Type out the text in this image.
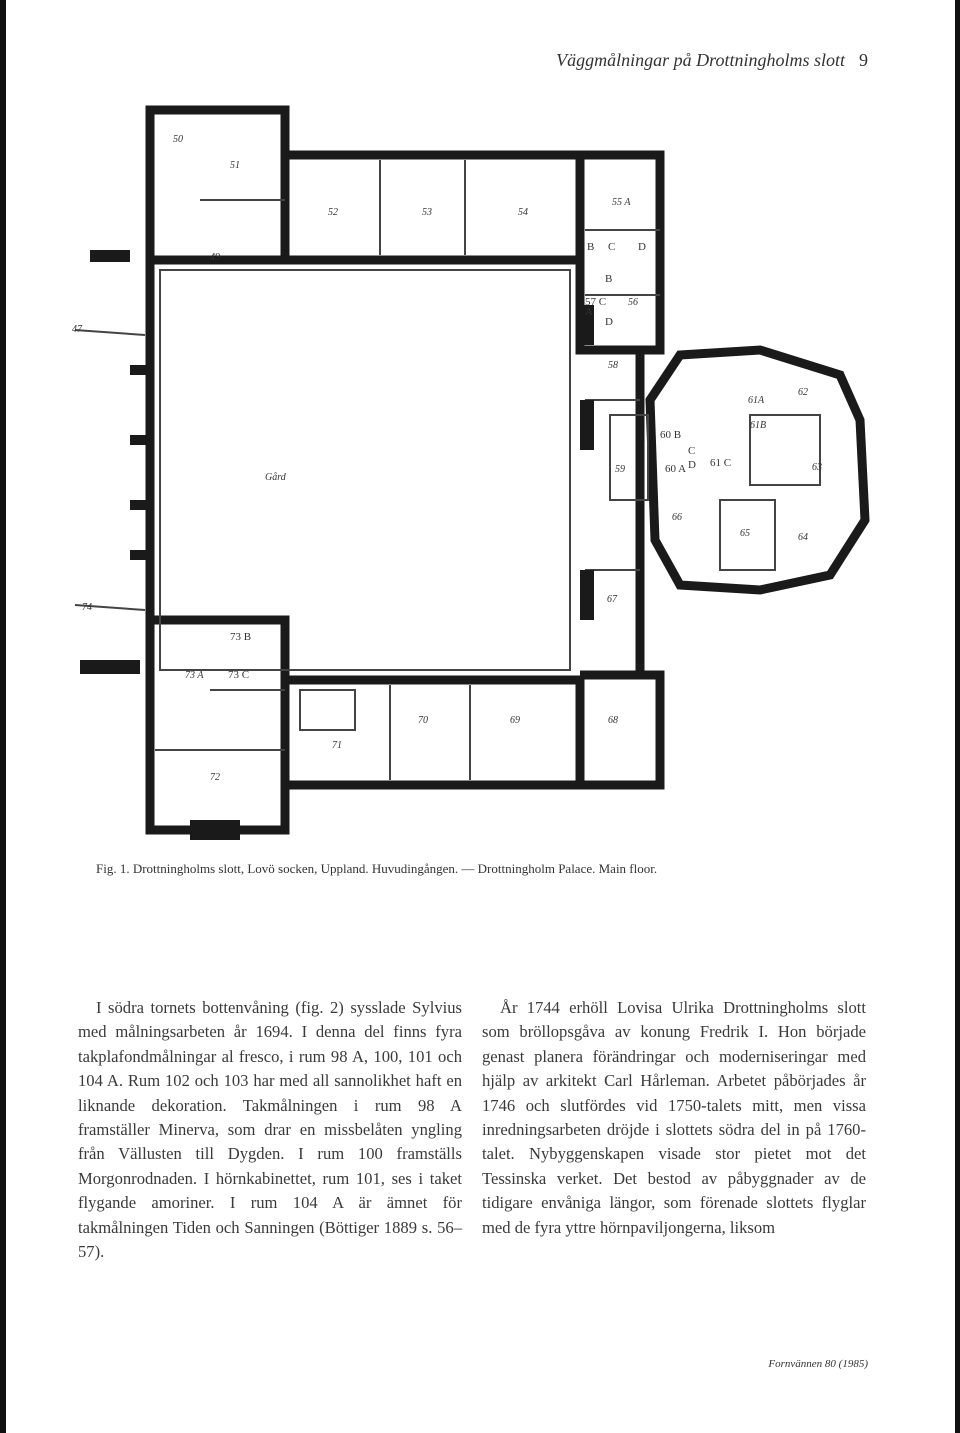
Väggmålningar på Drottningholms slott 9
47
49
50
51
52	53	54
55 A
B C D
57 C
A
D
B
56
58
59
60 B
C
60 A D 61 C
61A
61B
62
63
64
65
66
67
68
69
70
71
72
73 A
73 B
73 C
74
Gård
Fig. 1. Drottningholms slott, Lovö socken, Uppland. Huvudingången. — Drottningholm Palace. Main floor.

I södra tornets bottenvåning (fig. 2) sysslade Sylvius med målningsarbeten år 1694. I denna del finns fyra takplafondmålningar al fresco, i rum 98 A, 100, 101 och 104 A. Rum 102 och 103 har med all sannolikhet haft en liknande dekoration. Takmålningen i rum 98 A framställer Minerva, som drar en missbelåten yngling från Vällusten till Dygden. I rum 100 framställs Morgonrodnaden. I hörnkabinettet, rum 101, ses i taket flygande amoriner. I rum 104 A är ämnet för takmålningen Tiden och Sanningen (Böttiger 1889 s. 56–57).

År 1744 erhöll Lovisa Ulrika Drottningholms slott som bröllopsgåva av konung Fredrik I. Hon började genast planera förändringar och moderniseringar med hjälp av arkitekt Carl Hårleman. Arbetet påbörjades år 1746 och slutfördes vid 1750-talets mitt, men vissa inredningsarbeten dröjde i slottets södra del in på 1760-talet. Nybyggenskapen visade stor pietet mot det Tessinska verket. Det bestod av påbyggnader av de tidigare envåniga längor, som förenade slottets flyglar med de fyra yttre hörnpaviljongerna, liksom

Fornvännen 80 (1985)
